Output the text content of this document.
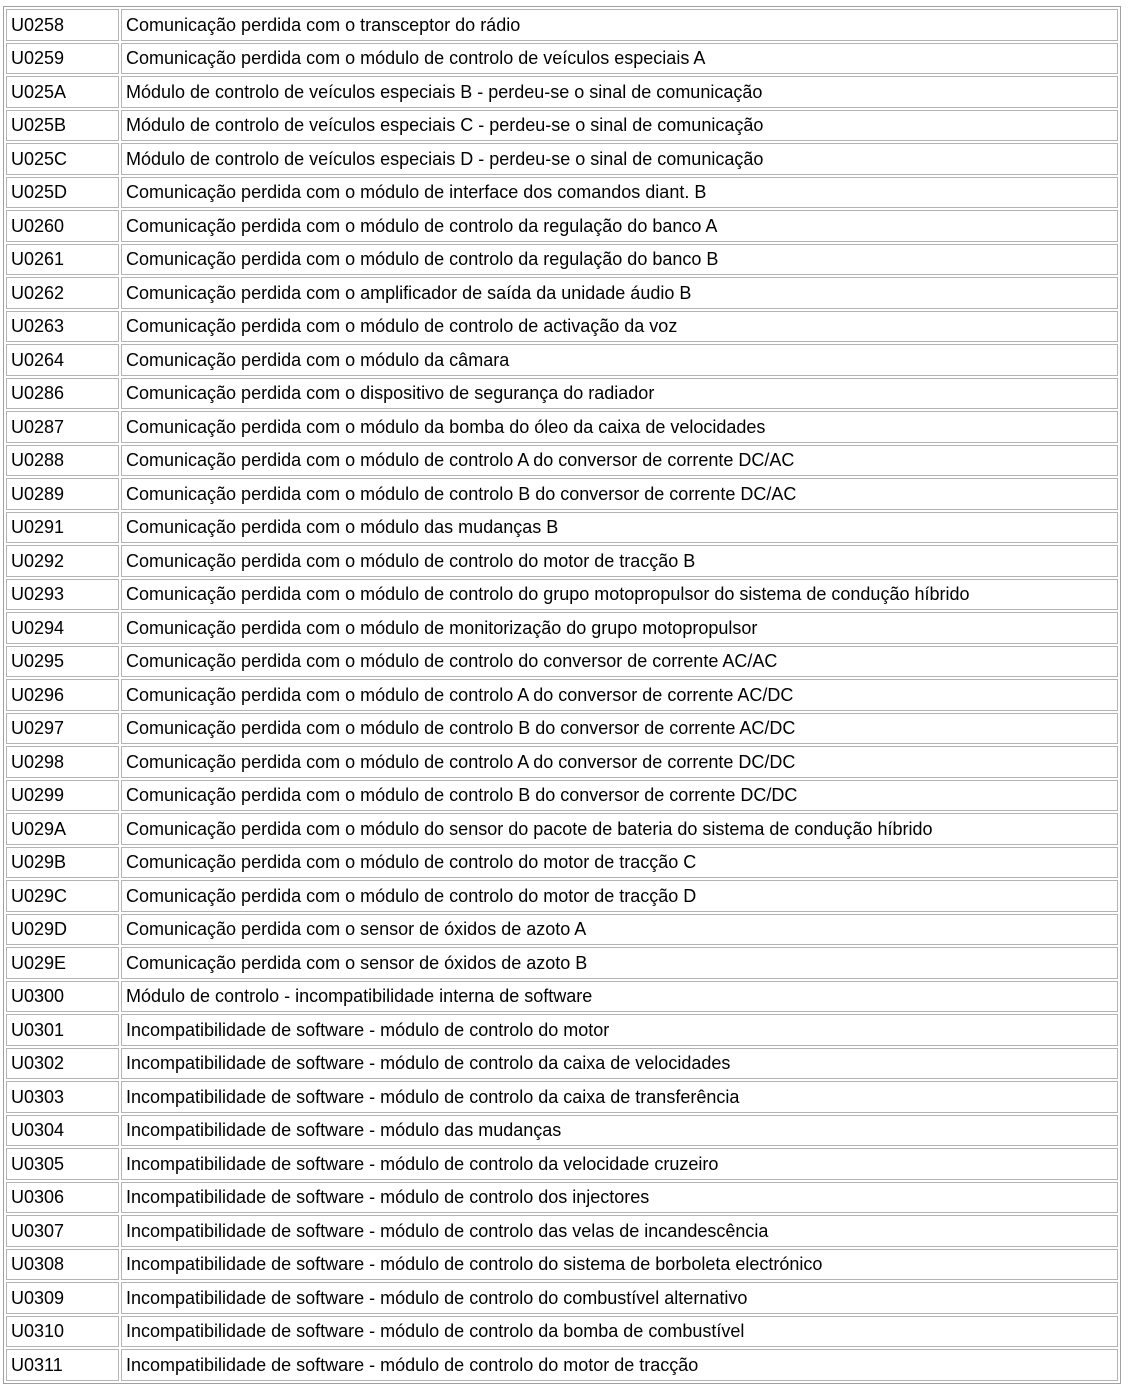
U0258	Comunicação perdida com o transceptor do rádio
U0259	Comunicação perdida com o módulo de controlo de veículos especiais A
U025A	Módulo de controlo de veículos especiais B - perdeu-se o sinal de comunicação
U025B	Módulo de controlo de veículos especiais C - perdeu-se o sinal de comunicação
U025C	Módulo de controlo de veículos especiais D - perdeu-se o sinal de comunicação
U025D	Comunicação perdida com o módulo de interface dos comandos diant. B
U0260	Comunicação perdida com o módulo de controlo da regulação do banco A
U0261	Comunicação perdida com o módulo de controlo da regulação do banco B
U0262	Comunicação perdida com o amplificador de saída da unidade áudio B
U0263	Comunicação perdida com o módulo de controlo de activação da voz
U0264	Comunicação perdida com o módulo da câmara
U0286	Comunicação perdida com o dispositivo de segurança do radiador
U0287	Comunicação perdida com o módulo da bomba do óleo da caixa de velocidades
U0288	Comunicação perdida com o módulo de controlo A do conversor de corrente DC/AC
U0289	Comunicação perdida com o módulo de controlo B do conversor de corrente DC/AC
U0291	Comunicação perdida com o módulo das mudanças B
U0292	Comunicação perdida com o módulo de controlo do motor de tracção B
U0293	Comunicação perdida com o módulo de controlo do grupo motopropulsor do sistema de condução híbrido
U0294	Comunicação perdida com o módulo de monitorização do grupo motopropulsor
U0295	Comunicação perdida com o módulo de controlo do conversor de corrente AC/AC
U0296	Comunicação perdida com o módulo de controlo A do conversor de corrente AC/DC
U0297	Comunicação perdida com o módulo de controlo B do conversor de corrente AC/DC
U0298	Comunicação perdida com o módulo de controlo A do conversor de corrente DC/DC
U0299	Comunicação perdida com o módulo de controlo B do conversor de corrente DC/DC
U029A	Comunicação perdida com o módulo do sensor do pacote de bateria do sistema de condução híbrido
U029B	Comunicação perdida com o módulo de controlo do motor de tracção C
U029C	Comunicação perdida com o módulo de controlo do motor de tracção D
U029D	Comunicação perdida com o sensor de óxidos de azoto A
U029E	Comunicação perdida com o sensor de óxidos de azoto B
U0300	Módulo de controlo - incompatibilidade interna de software
U0301	Incompatibilidade de software - módulo de controlo do motor
U0302	Incompatibilidade de software - módulo de controlo da caixa de velocidades
U0303	Incompatibilidade de software - módulo de controlo da caixa de transferência
U0304	Incompatibilidade de software - módulo das mudanças
U0305	Incompatibilidade de software - módulo de controlo da velocidade cruzeiro
U0306	Incompatibilidade de software - módulo de controlo dos injectores
U0307	Incompatibilidade de software - módulo de controlo das velas de incandescência
U0308	Incompatibilidade de software - módulo de controlo do sistema de borboleta electrónico
U0309	Incompatibilidade de software - módulo de controlo do combustível alternativo
U0310	Incompatibilidade de software - módulo de controlo da bomba de combustível
U0311	Incompatibilidade de software - módulo de controlo do motor de tracção
